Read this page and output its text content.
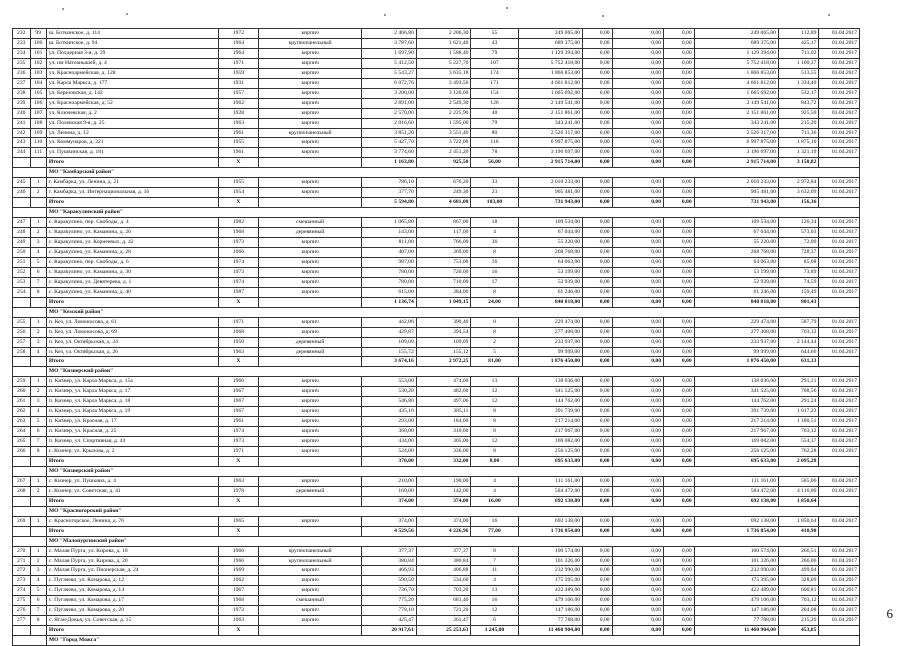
232	99	ш. Боткинское, д. 114	1972	кирпич	2 466,80	2 206,30	55	249 065,00	0,00	0,00	0,00	249 065,00	112,89	01.04.2017
233	100	ш. Боткинское, д. 94	1964	крупнопанельный	3 787,60	1 621,40	43	689 375,00	0,00	0,00	0,00	689 375,00	425,17	01.04.2017
234	101	ул. Полдерная 3-я, д. 29	1964	кирпич	1 697,90	1 588,40	79	1 129 394,00	0,00	0,00	0,00	1 129 394,00	711,02	01.04.2017
235	102	ул. им Натоанышей, д. 4	1971	кирпич	5 412,50	5 227,70	107	5 752 418,00	0,00	0,00	0,00	5 752 418,00	1 100,37	01.04.2017
236	103	ул. Красноармейская, д. 128	1959	кирпич	5 543,27	3 635,18	174	1 866 853,00	0,00	0,00	0,00	1 866 853,00	513,55	01.04.2017
237	104	ул. Карла Маркса, д. 177	1931	кирпич	6 072,76	3 493,56	171	4 661 812,00	0,00	0,00	0,00	4 661 812,00	1 334,40	01.04.2017
238	105	ул. Березовская, д. 142	1957	кирпич	3 200,00	3 120,00	154	1 665 692,00	0,00	0,00	0,00	1 665 692,00	532,17	01.04.2017
239	106	ул. Красноармейская, д. 52	1962	кирпич	2 891,00	2 549,30	126	2 149 541,00	0,00	0,00	0,00	2 149 541,00	843,72	01.04.2017
240	107	ул. Ключевская, д. 2	1928	кирпич	2 570,00	2 225,90	40	2 151 861,00	0,00	0,00	0,00	2 151 861,00	925,50	01.04.2017
241	108	ул. Полевская 9-я, д. 25	1963	кирпич	2 016,60	1 595,00	79	343 241,00	0,00	0,00	0,00	343 241,00	215,20	01.04.2017
242	109	ул. Ленина, д. 12	1961	крупнопанельный	3 851,20	3 551,40	80	2 526 317,00	0,00	0,00	0,00	2 526 317,00	711,36	01.04.2017
243	110	ул. Коммунаров, д. 221	1955	кирпич	5 427,70	3 722,00	116	6 997 875,00	0,00	0,00	0,00	6 997 875,00	1 875,10	01.04.2017
244	111	ул. Пушкинская, д. 181	1961	кирпич	3 774,60	2 451,20	78	3 196 697,00	0,00	0,00	0,00	3 196 697,00	1 321,19	01.04.2017
		Итого	X		1 163,80	925,50	56,00	2 915 714,00	0,00	0,00	0,00	2 915 714,00	3 150,82	
		МО "Камбарский район"												
245	1	г. Камбарка, ул. Ленина, д. 21	1955	кирпич	786,10	676,20	33	2 010 233,00	0,00	0,00	0,00	2 010 233,00	2 972,84	01.04.2017
246	2	г. Камбарка, ул. Интернациональная, д. 16	1954	кирпич	377,70	249,30	23	905 481,00	0,00	0,00	0,00	905 481,00	3 632,09	01.04.2017
		Итого	X		5 594,80	4 681,00	103,00	731 943,00	0,00	0,00	0,00	731 943,00	156,36	
		МО "Каракулинский район"												
247	1	с. Каракулино, пер. Свободы, д. 4	1982	смешанный	1 065,80	867,00	18	109 534,00	0,00	0,00	0,00	109 534,00	126,34	01.04.2017
248	2	с. Каракулино, ул. Каманина, д. 26	1968	деревянный	143,00	117,00	4	67 044,00	0,00	0,00	0,00	67 044,00	573,03	01.04.2017
249	3	с. Каракулино, ул. Корнеевых, д. 42	1973	кирпич	811,00	766,00	36	55 220,00	0,00	0,00	0,00	55 220,00	72,09	01.04.2017
250	4	с. Каракулино, ул. Каманина, д. 28	1966	кирпич	407,00	369,00	8	268 768,00	0,00	0,00	0,00	268 768,00	728,37	01.04.2017
251	5	с. Каракулино, пер. Свободы, д. 6	1974	кирпич	987,00	753,00	16	64 063,00	0,00	0,00	0,00	64 063,00	85,08	01.04.2017
252	6	с. Каракулино, ул. Каманина, д. 30	1973	кирпич	780,00	720,00	16	53 199,00	0,00	0,00	0,00	53 199,00	73,89	01.04.2017
253	7	с. Каракулино, ул. Девятерева, д. 1	1974	кирпич	780,00	710,00	17	52 939,00	0,00	0,00	0,00	52 939,00	74,59	01.04.2017
254	8	с. Каракулино, ул. Каманина, д. 40	1987	кирпич	615,00	384,00	8	61 246,00	0,00	0,00	0,00	61 246,00	159,49	01.04.2017
		Итого	X		1 136,74	1 049,15	24,00	840 818,00	0,00	0,00	0,00	840 818,00	801,43	
		МО "Кезский район"												
255	1	п. Кез, ул. Ломоносова, д. 61	1971	кирпич	442,06	390,40	8	229 474,00	0,00	0,00	0,00	229 474,00	587,79	01.04.2017
256	2	п. Кез, ул. Ломоносова, д. 69	1968	кирпич	429,87	394,54	8	277 408,00	0,00	0,00	0,00	277 408,00	703,12	01.04.2017
257	3	п. Кез, ул. Октябрьская, д. 24	1950	деревянный	109,09	109,09	2	233 937,00	0,00	0,00	0,00	233 937,00	2 144,44	01.04.2017
258	4	п. Кез, ул. Октябрьская, д. 26	1963	деревянный	155,72	155,12	5	99 999,00	0,00	0,00	0,00	99 999,00	644,66	01.04.2017
		Итого	X		3 674,16	2 972,25	81,00	1 876 450,00	0,00	0,00	0,00	1 876 450,00	631,33	
		МО "Кизнерский район"												
259	1	п. Кизнер, ул. Карла Маркса, д. 15а	1966	кирпич	553,00	474,00	13	138 036,00	0,00	0,00	0,00	138 036,00	291,21	01.04.2017
260	2	п. Кизнер, ул. Карла Маркса, д. 17	1967	кирпич	530,20	482,00	12	341 525,00	0,00	0,00	0,00	341 525,00	708,56	01.04.2017
261	3	п. Кизнер, ул. Карла Маркса, д. 18	1967	кирпич	546,80	497,06	12	144 762,00	0,00	0,00	0,00	144 762,00	291,24	01.04.2017
262	4	п. Кизнер, ул. Карла Маркса, д. 19	1967	кирпич	435,16	385,11	8	391 739,00	0,00	0,00	0,00	391 739,00	1 017,23	01.04.2017
263	5	п. Кизнер, ул. Красная, д. 17	1961	кирпич	293,00	184,00	8	217 214,00	0,00	0,00	0,00	217 214,00	1 180,51	01.04.2017
264	6	п. Кизнер, ул. Красная, д. 25	1974	кирпич	360,00	310,00	8	217 967,00	0,00	0,00	0,00	217 967,00	703,12	01.04.2017
265	7	п. Кизнер, ул. Спортивная, д. 44	1973	кирпич	434,00	305,00	12	169 082,00	0,00	0,00	0,00	169 082,00	554,37	01.04.2017
266	8	с. Кизнер, ул. Крылова, д. 2	1971	кирпич	524,00	336,00	8	256 125,00	0,00	0,00	0,00	256 125,00	762,28	01.04.2017
		Итого	X		370,00	332,00	8,00	695 633,00	0,00	0,00	0,00	695 633,00	2 095,28	
		МО "Кизнерский район"												
267	1	с. Кизнер, ул. Пушкина, д. 4	1963	кирпич	210,00	190,00	4	111 161,00	0,00	0,00	0,00	111 161,00	585,06	01.04.2017
268	2	с. Кизнер, ул. Советская, д. 41	1978	деревянный	160,00	142,00	4	584 472,00	0,00	0,00	0,00	584 472,00	4 116,00	01.04.2017
		Итого	X		374,00	374,00	16,00	692 138,00	0,00	0,00	0,00	692 138,00	1 850,64	
		МО "Красногорский район"												
269	1	с. Красногорское, Ленина, д. 76	1965	кирпич	374,00	374,00	16	692 138,00	0,00	0,00	0,00	692 138,00	1 850,64	01.04.2017
		Итого	X		4 529,56	4 226,96	77,00	1 736 854,00	0,00	0,00	0,00	1 736 854,00	410,90	
		МО "Малопургинский район"												
270	1	с. Малая Пурга, ул. Кирова, д. 18	1966	крупнопанельный	377,37	377,37	8	100 574,00	0,00	0,00	0,00	100 574,00	266,51	01.04.2017
271	2	с. Малая Пурга, ул. Кирова, д. 20	1966	крупнопанельный	380,84	380,84	7	101 326,00	0,00	0,00	0,00	101 326,00	266,06	01.04.2017
272	3	с. Малая Пурга, ул. Пионерская, д. 24	1969	кирпич	466,93	406,88	11	232 990,00	0,00	0,00	0,00	232 990,00	499,04	01.04.2017
273	4	с. Пугачево, ул. Комарова, д. 12	1962	кирпич	590,50	534,60	4	175 395,00	0,00	0,00	0,00	175 395,00	328,09	01.04.2017
274	5	с. Пугачево, ул. Комарова, д. 14	1967	кирпич	736,70	703,20	13	422 489,00	0,00	0,00	0,00	422 489,00	600,81	01.04.2017
275	6	с. Пугачево, ул. Комарова, д. 17	1968	смешанный	775,20	681,40	16	479 106,00	0,00	0,00	0,00	479 106,00	703,12	01.04.2017
276	7	с. Пугачево, ул. Комарова, д. 20	1972	кирпич	778,10	721,20	12	147 186,00	0,00	0,00	0,00	147 186,00	204,08	01.04.2017
277	8	с. Яган-Докья, ул. Советская, д. 15	1963	кирпич	425,47	361,47	6	77 788,00	0,00	0,00	0,00	77 788,00	215,20	01.04.2017
		Итого	X		20 917,61	25 253,63	1 245,00	11 460 904,00	0,00	0,00	0,00	11 460 904,00	453,85	
		МО "Город Можга"												
6
